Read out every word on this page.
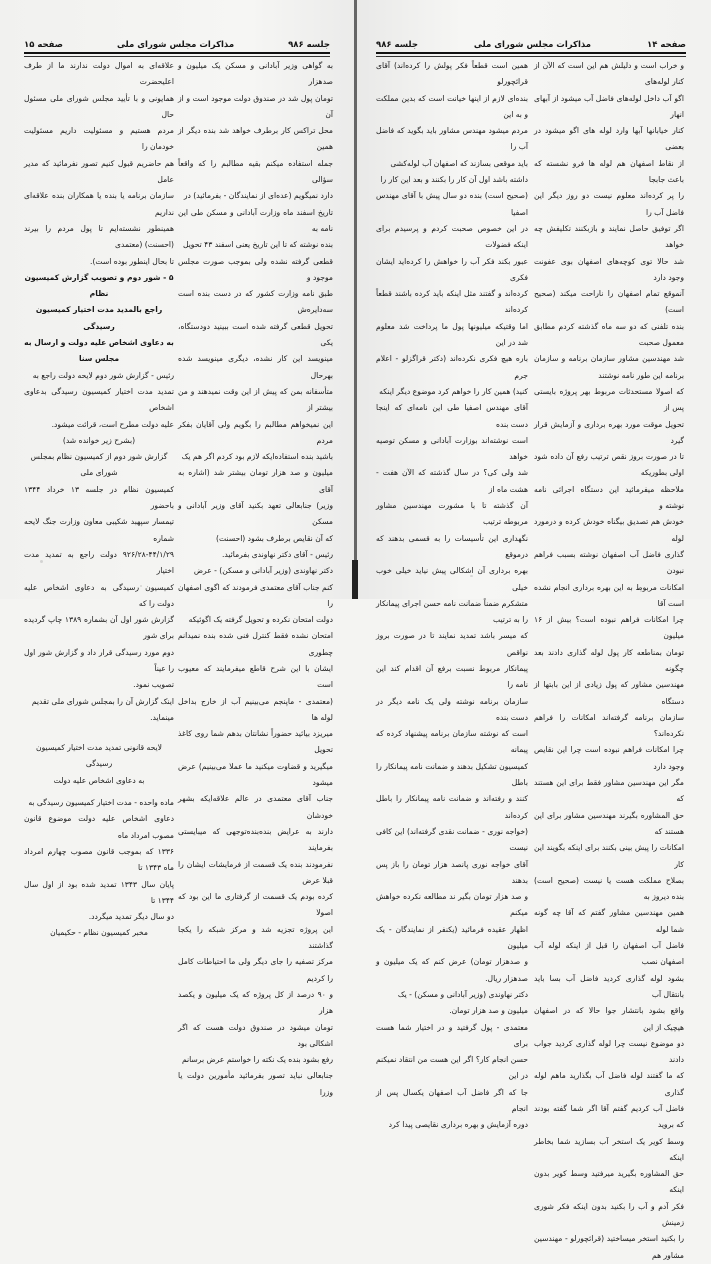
جلسه ۹۸۶
مذاکرات مجلس شورای ملی
صفحه ۱۵

به گواهی وزیر آبادانی و مسکن یک میلیون و صدهزار

تومان پول شد در صندوق دولت موجود است و از آن

محل تراکس کار برطرف خواهد شد بنده دیگر از همین

جمله استفاده میکنم بقیه مطالبم را که واقعاً سؤالی

دارد نمیگویم (عده‌ای از نمایندگان - بفرمائید) در

تاریخ اسفند ماه وزارت آبادانی و مسکن طی این نامه به

بنده نوشته که تا این تاریخ یعنی اسفند ۴۳ تحویل

قطعی گرفته نشده ولی بموجب صورت مجلس موجود و

طبق نامه وزارت کشور که در دست بنده است سه‌دایره‌ش

تحویل قطعی گرفته شده است ببینید دودستگاه، یکی

مینویسد این کار نشده، دیگری مینویسد شده بهرحال

متأسفانه بمن که پیش از این وقت نمیدهند و من بیشتر از

این نمیخواهم مطالبم را بگویم ولی آقایان بفکر مردم

باشید بنده استفاده‌ایکه لازم بود کردم اگر هم یک

میلیون و صد هزار تومان بیشتر شد (اشاره به آقای

وزیر) جنابعالی تعهد بکنید آقای وزیر آبادانی و مسکن

که آن نقایص برطرف بشود (احسنت)

رئیس - آقای دکتر نهاوندی بفرمائید.

دکتر نهاوندی (وزیر آبادانی و مسکن) - عرض

کنم جناب آقای معتمدی فرمودند که اگوی اصفهان را

دولت امتحان نکرده و تحویل گرفته یک اگوئیکه

امتحان نشده فقط کنترل فنی شده بنده نمیدانم چطوری

ایشان با این شرح قاطع میفرمایند که معیوب است

(معتمدی - ماپنجم می‌بینیم آب از خارج بداخل لوله ها

میریزد بیائید حضوراً نشانتان بدهم شما روی کاغذ تحویل

میگیرید و قضاوت میکنید ما عملا می‌بینیم) عرض میشود

جناب آقای معتمدی در عالم علاقه‌ایکه بشهر خودشان

دارند به عرایض بنده‌بنده‌توجهی که میبایستی بفرمایند

نفرمودند بنده یک قسمت از فرمایشات ایشان را قبلا عرض

کرده بودم یک قسمت از گرفتاری ما این بود که اصولا

این پروژه تجزیه شد و مرکز شبکه را یکجا گذاشتند

مرکز تصفیه را جای دیگر ولی ما احتیاطات کامل را کردیم

و ۹۰ درصد از کل پروژه که یک میلیون و یکصد هزار

تومان میشود در صندوق دولت هست که اگر اشکالی بود

رفع بشود بنده یک نکته را خواستم عرض برسانم

جنابعالی نباید تصور بفرمائید مأمورین دولت یا وزرا

علاقه‌ای به اموال دولت ندارند ما از طرف اعلیحضرت

همایونی و با تأیید مجلس شورای ملی مسئول حال

مردم هستیم و مسئولیت داریم مسئولیت خودمان را

هم حاضریم قبول کنیم تصور نفرمائید که مدیر عامل

سازمان برنامه یا بنده یا همکاران بنده علاقه‌ای نداریم

همینطور نشسته‌ایم تا پول مردم را بیرند (احسنت) (معتمدی

تا بحال اینطور بوده است).

۵ - شور دوم و تصویب گزارش کمیسیون نظام

راجع بالمدید مدت اختیار کمیسیون رسیدگی

به دعاوی اشخاص علیه دولت و ارسال به

مجلس سنا

رئیس - گزارش شور دوم لایحه دولت راجع به

تمدید مدت اختیار کمیسیون رسیدگی بدعاوی اشخاص

علیه دولت مطرح است، قرائت میشود.

(بشرح زیر خوانده شد)

گزارش شور دوم از کمیسیون نظام بمجلس شورای ملی

کمیسیون نظام در جلسه ۱۳ خرداد ۱۳۴۴ باحضور

تیمسار سپهبد شکیبی معاون وزارت جنگ لایحه شماره

۹۲۶/۲۸-۴۴/۱/۲۹ دولت راجع به تمدید مدت اختیار

کمیسیون رسیدگی به دعاوی اشخاص علیه دولت را که

گزارش شور اول آن بشماره ۱۳۸۹ چاپ گردیده برای شور

دوم مورد رسیدگی قرار داد و گزارش شور اول را عیناً

تصویب نمود.

اینک گزارش آن را بمجلس شورای ملی تقدیم

مینماید.

لایحه قانونی تمدید مدت اختیار کمیسیون رسیدگی

به دعاوی اشخاص علیه دولت

ماده واحده - مدت اختیار کمیسیون رسیدگی به

دعاوی اشخاص علیه دولت موضوع قانون مصوب امرداد ماه

۱۳۳۶ که بموجب قانون مصوب چهارم امرداد ماه ۱۳۴۳ تا

پایان سال ۱۳۴۳ تمدید شده بود از اول سال ۱۳۴۴ تا

دو سال دیگر تمدید میگردد.

مخبر کمیسیون نظام - حکیمیان

صفحه ۱۴
مذاکرات مجلس شورای ملی
جلسه ۹۸۶

و خراب است و دلیلش هم این است که الآن از کنار لوله‌های

اگو آب داخل لوله‌های فاضل آب میشود از آبهای انهار

کنار خیابانها آبها وارد لوله های اگو میشود در بعضی

از نقاط اصفهان هم لوله ها فرو نشسته که باعث جابجا

را پر کرده‌اند معلوم نیست دو روز دیگر این فاضل آب را

اگر توفیق حاصل نمایند و بازبکنند تکلیفش چه خواهد

شد حالا توی کوچه‌های اصفهان بوی عفونت وجود دارد

آنموقع تمام اصفهان را ناراحت میکند (صحیح است)

بنده تلفنی که دو سه ماه گذشته کردم مطابق معمول صحبت

شد مهندسین مشاور سازمان برنامه و سازمان برنامه این طور نامه نوشتند

که اصولا مستحدثات مربوط بهر پروژه بایستی پس از

تحویل موقت مورد بهره برداری و آزمایش قرار گیرد

تا در صورت بروز نقص ترتیب رفع آن داده شود اولی بطوریکه

ملاحظه میفرمائید این دستگاه اجرائی نامه نوشته و

خودش هم تصدیق بیگناه خودش کرده و درمورد لوله

گذاری فاضل آب اصفهان نوشته بسبب فراهم نبودن

امکانات مربوط به این بهره برداری انجام نشده است آقا

چرا امکانات فراهم نبوده است؟ بیش از ۱۶ میلیون

تومان بمناطعه کار پول لوله گذاری دادند بعد چگونه

مهندسین مشاور که پول زیادی از این بابتها از دستگاه

سازمان برنامه گرفته‌اند امکانات را فراهم نکرده‌اند؟

چرا امکانات فراهم نبوده است چرا این نقایص وجود دارد

مگر این مهندسین مشاور فقط برای این هستند که

حق المشاوره بگیرند مهندسین مشاور برای این هستند که

امکانات را پیش بینی بکنند برای اینکه بگویند این کار

بصلاح مملکت هست یا نیست (صحیح است) بنده دیروز به

همین مهندسین مشاور گفتم که آقا چه گونه شما لوله

فاضل آب اصفهان را قبل از اینکه لوله آب اصفهان نصب

بشود لوله گذاری کردید فاضل آب بسا باید بانتقال آب

واقع بشود بانتشار جوا حالا که در اصفهان هیچیک از این

دو موضوع نیست چرا لوله گذاری کردید جواب دادند

که ما گفتند لوله فاضل آب بگذارید ماهم لوله گذاری

فاضل آب کردیم گفتم آقا اگر شما گفته بودند که بروید

وسط کویر یک استخر آب بسازید شما بخاطر اینکه

حق المشاوره بگیرید میرفتید وسط کویر بدون اینکه

فکر آدم و آب را بکنید بدون اینکه فکر شوری زمینش

را بکنید استخر میساختید (قرائچورلو - مهندسین مشاور هم

همین است قطعاً فکر پولش را کرده‌اند) آقای قرائچورلو

بنده‌ای لازم از اینها خیانت است که بدین مملکت و به این

مردم میشود مهندس مشاور باید بگوید که فاضل آب را

باید موقعی بسازند که اصفهان آب لوله‌کشی

داشته باشد اول آن کار را بکنند و بعد این کار را

(صحیح است) بنده دو سال پیش با آقای مهندس اصفیا

در این خصوص صحبت کردم و پرسیدم برای اینکه فضولات

عبور بکند فکر آب را خواهش را کرده‌اید ایشان فکری

کرده‌اند و گفتند مثل اینکه باید کرده باشند قطعاً کرده‌اند

اما وقتیکه میلیونها پول ما پرداخت شد معلوم شد در این

باره هیچ فکری نکرده‌اند (دکتر قراگزلو - اعلام جرم

کنید) همین کار را خواهم کرد موضوع دیگر اینکه

آقای مهندس اصفیا طی این نامه‌ای که اینجا دست بنده

است نوشته‌اند بوزارت آبادانی و مسکن توصیه خواهد

شد ولی کی؟ در سال گذشته که الآن هفت - هشت ماه از

آن گذشته تا با مشورت مهندسین مشاور مربوطه ترتیب

نگهداری این تأسیسات را به قسمی بدهند که درموقع

بهره برداری آن اشکالی پیش نیاید خیلی خوب خیلی

متشکرم ضمناً ضمانت نامه حسن اجرای پیمانکار را به ترتیب

که میسر باشد تمدید نمایند تا در صورت بروز نواقص

پیمانکار مربوط نسبت برفع آن اقدام کند این نامه را

سازمان برنامه نوشته ولی یک نامه دیگر در دست بنده

است که نوشته سازمان برنامه پیشنهاد کرده که پیمانه

کمیسیون تشکیل بدهند و ضمانت نامه پیمانکار را باطل

کنند و رفته‌اند و ضمانت نامه پیمانکار را باطل کرده‌اند

(خواجه نوری - ضمانت نقدی گرفته‌اند) این کافی نیست

آقای خواجه نوری پانصد هزار تومان را باز پس بدهند

و صد هزار تومان بگیر ند مطالعه نکرده خواهش میکنم

اظهار عقیده فرمائید (یکنفر از نمایندگان - یک میلیون

و صدهزار تومان) عرض کنم که یک میلیون و صدهزار ریال.

دکتر نهاوندی (وزیر آبادانی و مسکن) - یک

میلیون و صد هزار تومان.

معتمدی - پول گرفتید و در اختیار شما هست برای

حسن انجام کار؟ اگر این هست من انتقاد نمیکنم در این

جا که اگر فاضل آب اصفهان یکسال پس از انجام

دوره آزمایش و بهره برداری نقایصی پیدا کرد
